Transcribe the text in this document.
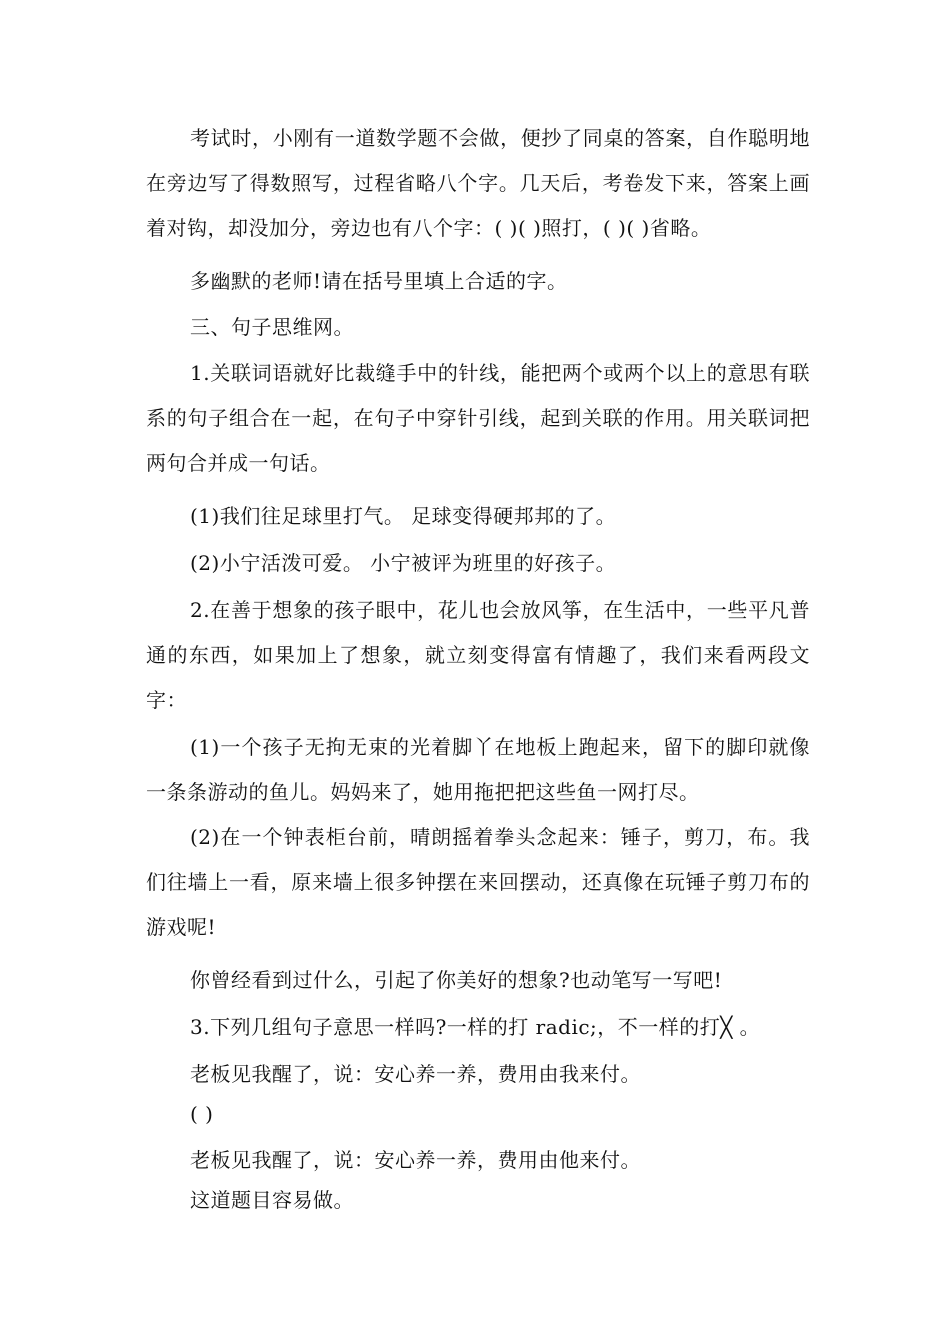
考试时，小刚有一道数学题不会做，便抄了同桌的答案，自作聪明地在旁边写了得数照写，过程省略八个字。几天后，考卷发下来，答案上画着对钩，却没加分，旁边也有八个字：( )( )照打，( )( )省略。

多幽默的老师!请在括号里填上合适的字。

三、句子思维网。

1.关联词语就好比裁缝手中的针线，能把两个或两个以上的意思有联系的句子组合在一起，在句子中穿针引线，起到关联的作用。用关联词把两句合并成一句话。

(1)我们往足球里打气。 足球变得硬邦邦的了。

(2)小宁活泼可爱。 小宁被评为班里的好孩子。

2.在善于想象的孩子眼中，花儿也会放风筝，在生活中，一些平凡普通的东西，如果加上了想象，就立刻变得富有情趣了，我们来看两段文字：

(1)一个孩子无拘无束的光着脚丫在地板上跑起来，留下的脚印就像一条条游动的鱼儿。妈妈来了，她用拖把把这些鱼一网打尽。

(2)在一个钟表柜台前，晴朗摇着拳头念起来：锤子，剪刀，布。我们往墙上一看，原来墙上很多钟摆在来回摆动，还真像在玩锤子剪刀布的游戏呢!

你曾经看到过什么，引起了你美好的想象?也动笔写一写吧!

3.下列几组句子意思一样吗?一样的打 radic;，不一样的打╳ 。

老板见我醒了，说：安心养一养，费用由我来付。

( )

老板见我醒了，说：安心养一养，费用由他来付。

这道题目容易做。
